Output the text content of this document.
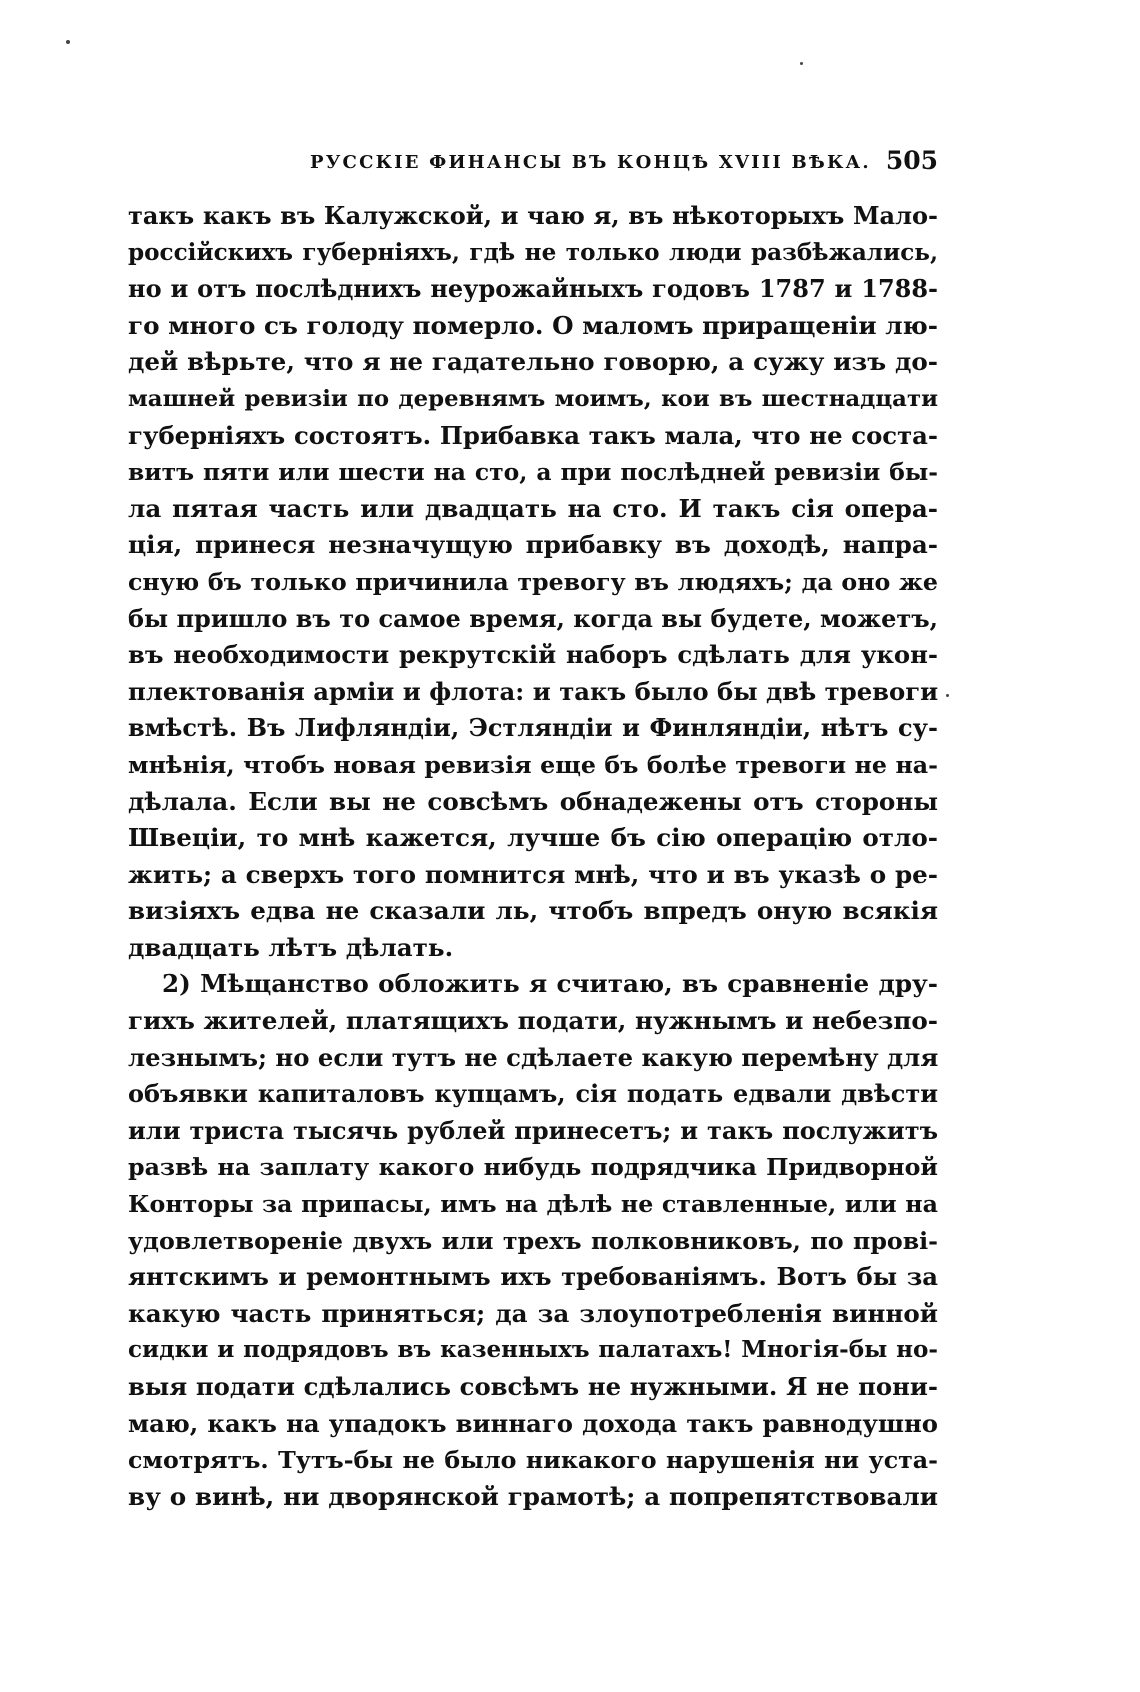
РУССКІЕ ФИНАНСЫ ВЪ КОНЦѢ XVIII ВѢКА. 505
такъ какъ въ Калужской, и чаю я, въ нѣкоторыхъ Мало-
россійскихъ губерніяхъ, гдѣ не только люди разбѣжались,
но и отъ послѣднихъ неурожайныхъ годовъ 1787 и 1788-
го много съ голоду померло. О маломъ приращеніи лю-
дей вѣрьте, что я не гадательно говорю, а сужу изъ до-
машней ревизіи по деревнямъ моимъ, кои въ шестнадцати
губерніяхъ состоятъ. Прибавка такъ мала, что не соста-
витъ пяти или шести на сто, а при послѣдней ревизіи бы-
ла пятая часть или двадцать на сто. И такъ сія опера-
ція, принеся незначущую прибавку въ доходѣ, напра-
сную бъ только причинила тревогу въ людяхъ; да оно же
бы пришло въ то самое время, когда вы будете, можетъ,
въ необходимости рекрутскій наборъ сдѣлать для укон-
плектованія арміи и флота: и такъ было бы двѣ тревоги
вмѣстѣ. Въ Лифляндіи, Эстляндіи и Финляндіи, нѣтъ су-
мнѣнія, чтобъ новая ревизія еще бъ болѣе тревоги не на-
дѣлала. Если вы не совсѣмъ обнадежены отъ стороны
Швеціи, то мнѣ кажется, лучше бъ сію операцію отло-
жить; а сверхъ того помнится мнѣ, что и въ указѣ о ре-
визіяхъ едва не сказали ль, чтобъ впредъ оную всякія
двадцать лѣтъ дѣлать.
2) Мѣщанство обложить я считаю, въ сравненіе дру-
гихъ жителей, платящихъ подати, нужнымъ и небезпо-
лезнымъ; но если тутъ не сдѣлаете какую перемѣну для
объявки капиталовъ купцамъ, сія подать едвали двѣсти
или триста тысячь рублей принесетъ; и такъ послужитъ
развѣ на заплату какого нибудь подрядчика Придворной
Конторы за припасы, имъ на дѣлѣ не ставленные, или на
удовлетвореніе двухъ или трехъ полковниковъ, по прові-
янтскимъ и ремонтнымъ ихъ требованіямъ. Вотъ бы за
какую часть приняться; да за злоупотребленія винной
сидки и подрядовъ въ казенныхъ палатахъ! Многія-бы но-
выя подати сдѣлались совсѣмъ не нужными. Я не пони-
маю, какъ на упадокъ виннаго дохода такъ равнодушно
смотрятъ. Тутъ-бы не было никакого нарушенія ни уста-
ву о винѣ, ни дворянской грамотѣ; а попрепятствовали
